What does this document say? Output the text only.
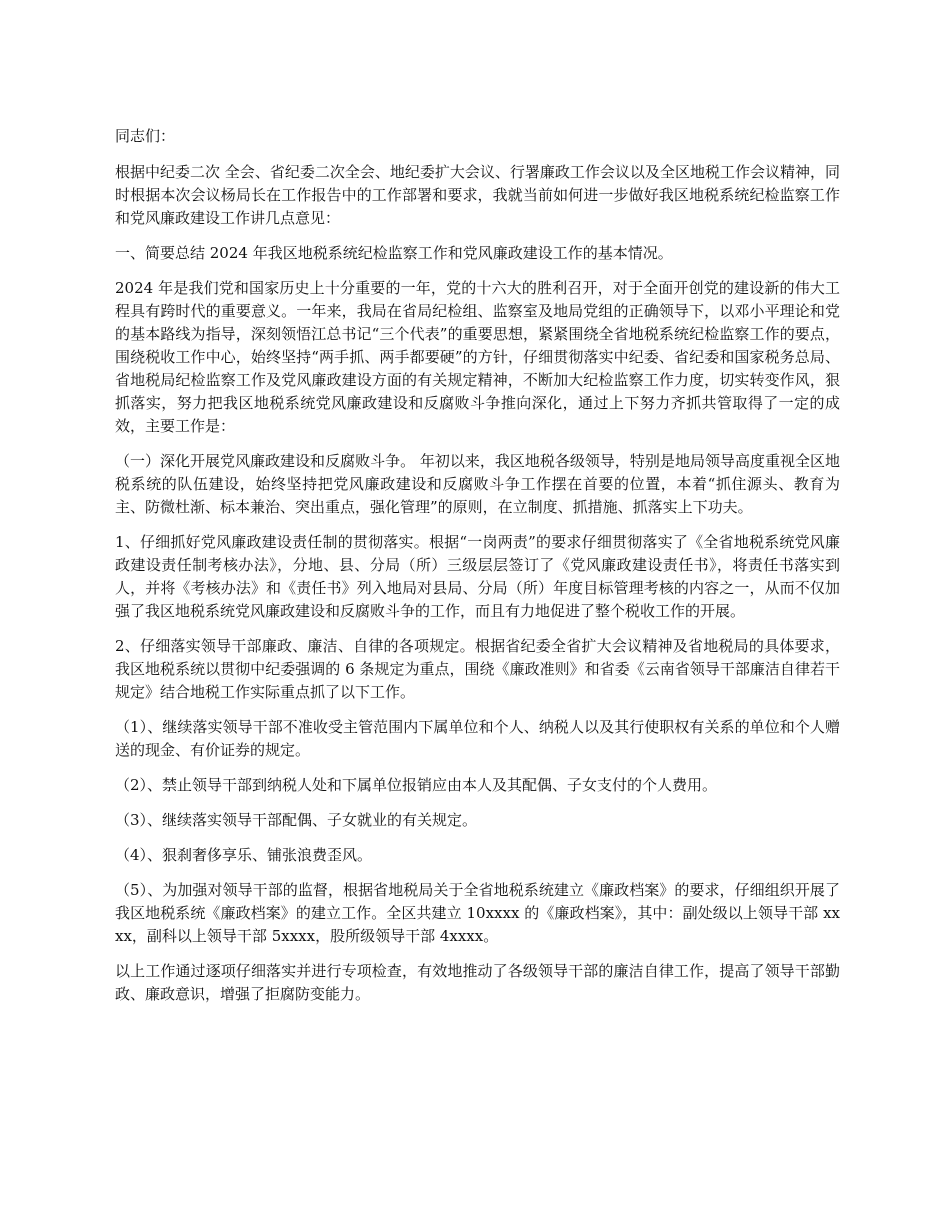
同志们：

根据中纪委二次 全会、省纪委二次全会、地纪委扩大会议、行署廉政工作会议以及全区地税工作会议精神，同时根据本次会议杨局长在工作报告中的工作部署和要求，我就当前如何进一步做好我区地税系统纪检监察工作和党风廉政建设工作讲几点意见：

一、简要总结 2024 年我区地税系统纪检监察工作和党风廉政建设工作的基本情况。

2024 年是我们党和国家历史上十分重要的一年，党的十六大的胜利召开，对于全面开创党的建设新的伟大工程具有跨时代的重要意义。一年来，我局在省局纪检组、监察室及地局党组的正确领导下，以邓小平理论和党的基本路线为指导，深刻领悟江总书记“三个代表”的重要思想，紧紧围绕全省地税系统纪检监察工作的要点，围绕税收工作中心，始终坚持“两手抓、两手都要硬”的方针，仔细贯彻落实中纪委、省纪委和国家税务总局、省地税局纪检监察工作及党风廉政建设方面的有关规定精神，不断加大纪检监察工作力度，切实转变作风，狠抓落实，努力把我区地税系统党风廉政建设和反腐败斗争推向深化，通过上下努力齐抓共管取得了一定的成效，主要工作是：

（一）深化开展党风廉政建设和反腐败斗争。 年初以来，我区地税各级领导，特别是地局领导高度重视全区地税系统的队伍建设，始终坚持把党风廉政建设和反腐败斗争工作摆在首要的位置，本着“抓住源头、教育为主、防微杜渐、标本兼治、突出重点，强化管理”的原则，在立制度、抓措施、抓落实上下功夫。

1、仔细抓好党风廉政建设责任制的贯彻落实。根据“一岗两责”的要求仔细贯彻落实了《全省地税系统党风廉政建设责任制考核办法》，分地、县、分局（所）三级层层签订了《党风廉政建设责任书》，将责任书落实到人，并将《考核办法》和《责任书》列入地局对县局、分局（所）年度目标管理考核的内容之一，从而不仅加强了我区地税系统党风廉政建设和反腐败斗争的工作，而且有力地促进了整个税收工作的开展。

2、仔细落实领导干部廉政、廉洁、自律的各项规定。根据省纪委全省扩大会议精神及省地税局的具体要求，我区地税系统以贯彻中纪委强调的 6 条规定为重点，围绕《廉政准则》和省委《云南省领导干部廉洁自律若干规定》结合地税工作实际重点抓了以下工作。

（1）、继续落实领导干部不准收受主管范围内下属单位和个人、纳税人以及其行使职权有关系的单位和个人赠送的现金、有价证券的规定。

（2）、禁止领导干部到纳税人处和下属单位报销应由本人及其配偶、子女支付的个人费用。

（3）、继续落实领导干部配偶、子女就业的有关规定。

（4）、狠刹奢侈享乐、铺张浪费歪风。

（5）、为加强对领导干部的监督，根据省地税局关于全省地税系统建立《廉政档案》的要求，仔细组织开展了我区地税系统《廉政档案》的建立工作。全区共建立 10xxxx 的《廉政档案》，其中：副处级以上领导干部 xxxx，副科以上领导干部 5xxxx，股所级领导干部 4xxxx。

以上工作通过逐项仔细落实并进行专项检查，有效地推动了各级领导干部的廉洁自律工作，提高了领导干部勤政、廉政意识，增强了拒腐防变能力。
